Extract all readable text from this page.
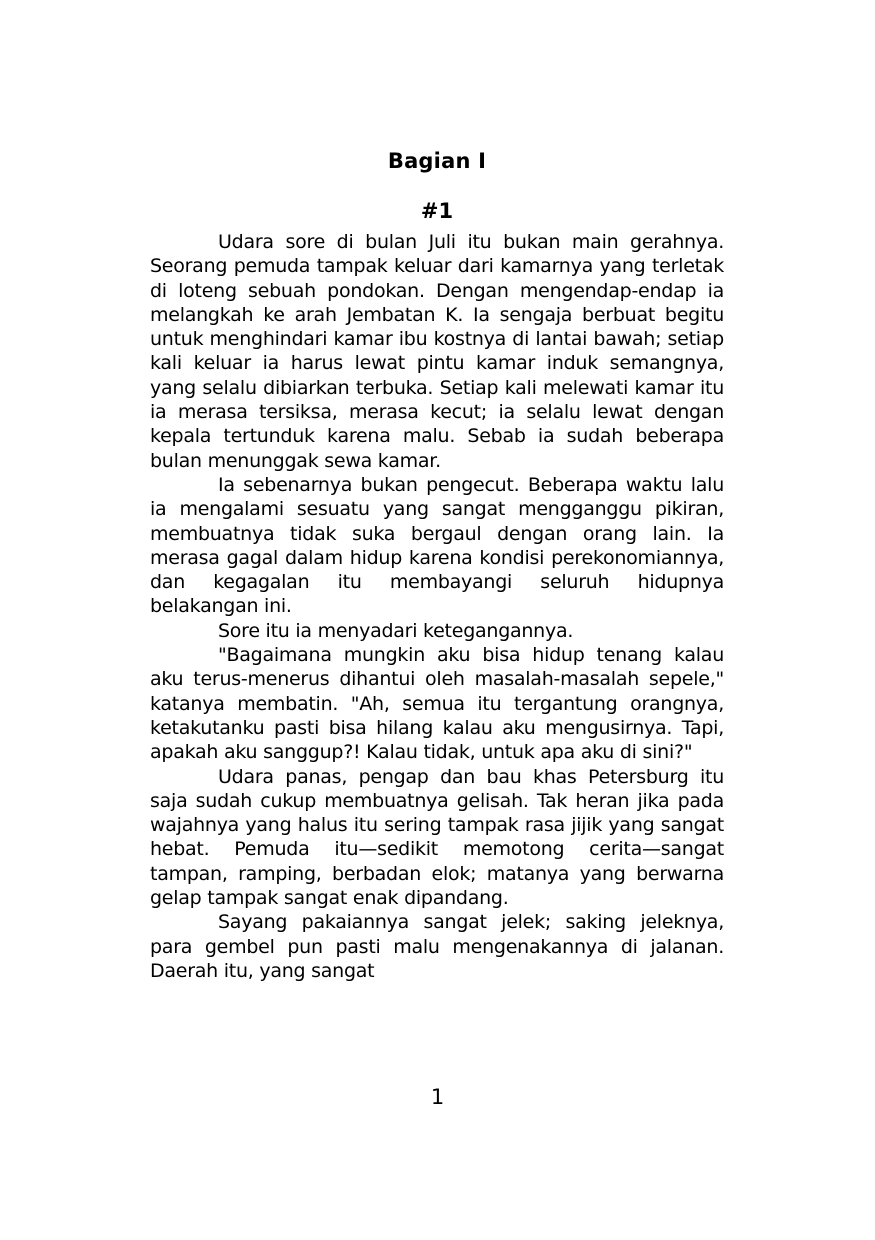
Bagian I
#1

Udara sore di bulan Juli itu bukan main gerahnya. Seorang pemuda tampak keluar dari kamarnya yang terletak di loteng sebuah pondokan. Dengan mengendap-endap ia melangkah ke arah Jembatan K. Ia sengaja berbuat begitu untuk menghindari kamar ibu kostnya di lantai bawah; setiap kali keluar ia harus lewat pintu kamar induk semangnya, yang selalu dibiarkan terbuka. Setiap kali melewati kamar itu ia merasa tersiksa, merasa kecut; ia selalu lewat dengan kepala tertunduk karena malu. Sebab ia sudah beberapa bulan menunggak sewa kamar.

Ia sebenarnya bukan pengecut. Beberapa waktu lalu ia mengalami sesuatu yang sangat mengganggu pikiran, membuatnya tidak suka bergaul dengan orang lain. Ia merasa gagal dalam hidup karena kondisi perekonomiannya, dan kegagalan itu membayangi seluruh hidupnya belakangan ini.

Sore itu ia menyadari ketegangannya.

"Bagaimana mungkin aku bisa hidup tenang kalau aku terus-menerus dihantui oleh masalah-masalah sepele," katanya membatin. "Ah, semua itu tergantung orangnya, ketakutanku pasti bisa hilang kalau aku mengusirnya. Tapi, apakah aku sanggup?! Kalau tidak, untuk apa aku di sini?"

Udara panas, pengap dan bau khas Petersburg itu saja sudah cukup membuatnya gelisah. Tak heran jika pada wajahnya yang halus itu sering tampak rasa jijik yang sangat hebat. Pemuda itu—sedikit memotong cerita—sangat tampan, ramping, berbadan elok; matanya yang berwarna gelap tampak sangat enak dipandang.

Sayang pakaiannya sangat jelek; saking jeleknya, para gembel pun pasti malu mengenakannya di jalanan. Daerah itu, yang sangat

1
